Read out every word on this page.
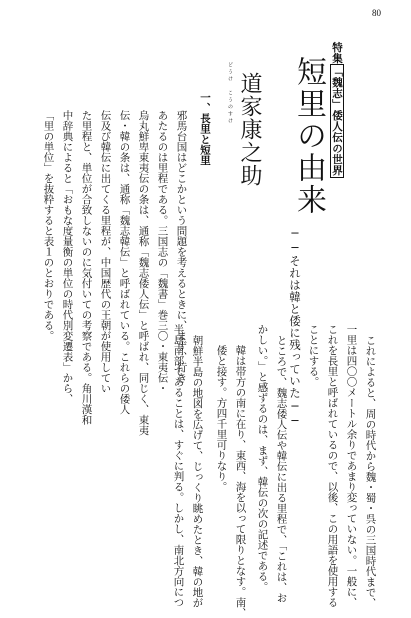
80
特集「魏志」倭人伝の世界
短里の由来
──それは韓と倭に残っていた──
どうけ　こうのすけ 道家康之助
一、長里と短里
邪馬台国はどこかという問題を考えるときに、まず、行き
あたるのは里程である。三国志の「魏書」巻三〇・東夷伝・
烏丸鮮卑東夷伝の条は、通称「魏志倭人伝」と呼ばれ、同じく、東夷
伝・韓の条は、通称「魏志韓伝」と呼ばれている。これらの倭人
伝及び韓伝に出てくる里程が、中国歴代の王朝が使用してい
た里程と、単位が合致しないのに気付いての考察である。角川漢和
中辞典によると「おもな度量衡の単位の時代別変遷表」から、
「里の単位」を抜粋すると表１のとおりである。
これによると、周の時代から魏・蜀・呉の三国時代まで、
一里は四〇〇メートル余りであまり変っていない。一般に、
これを長里と呼ばれているので、以後、この用語を使用する
ことにする。
ところで、魏志倭人伝や韓伝に出る里程で、「これは、お
かしい。」と感ずるのは、まず、韓伝の次の記述である。
韓は帯方の南に在り、東西、海を以って限りとなす。南、
倭と接す。方四千里可りなり。
朝鮮半島の地図を広げて、じっくり眺めたとき、韓の地が
半島南部であることは、すぐに判る。しかし、南北方向につ
